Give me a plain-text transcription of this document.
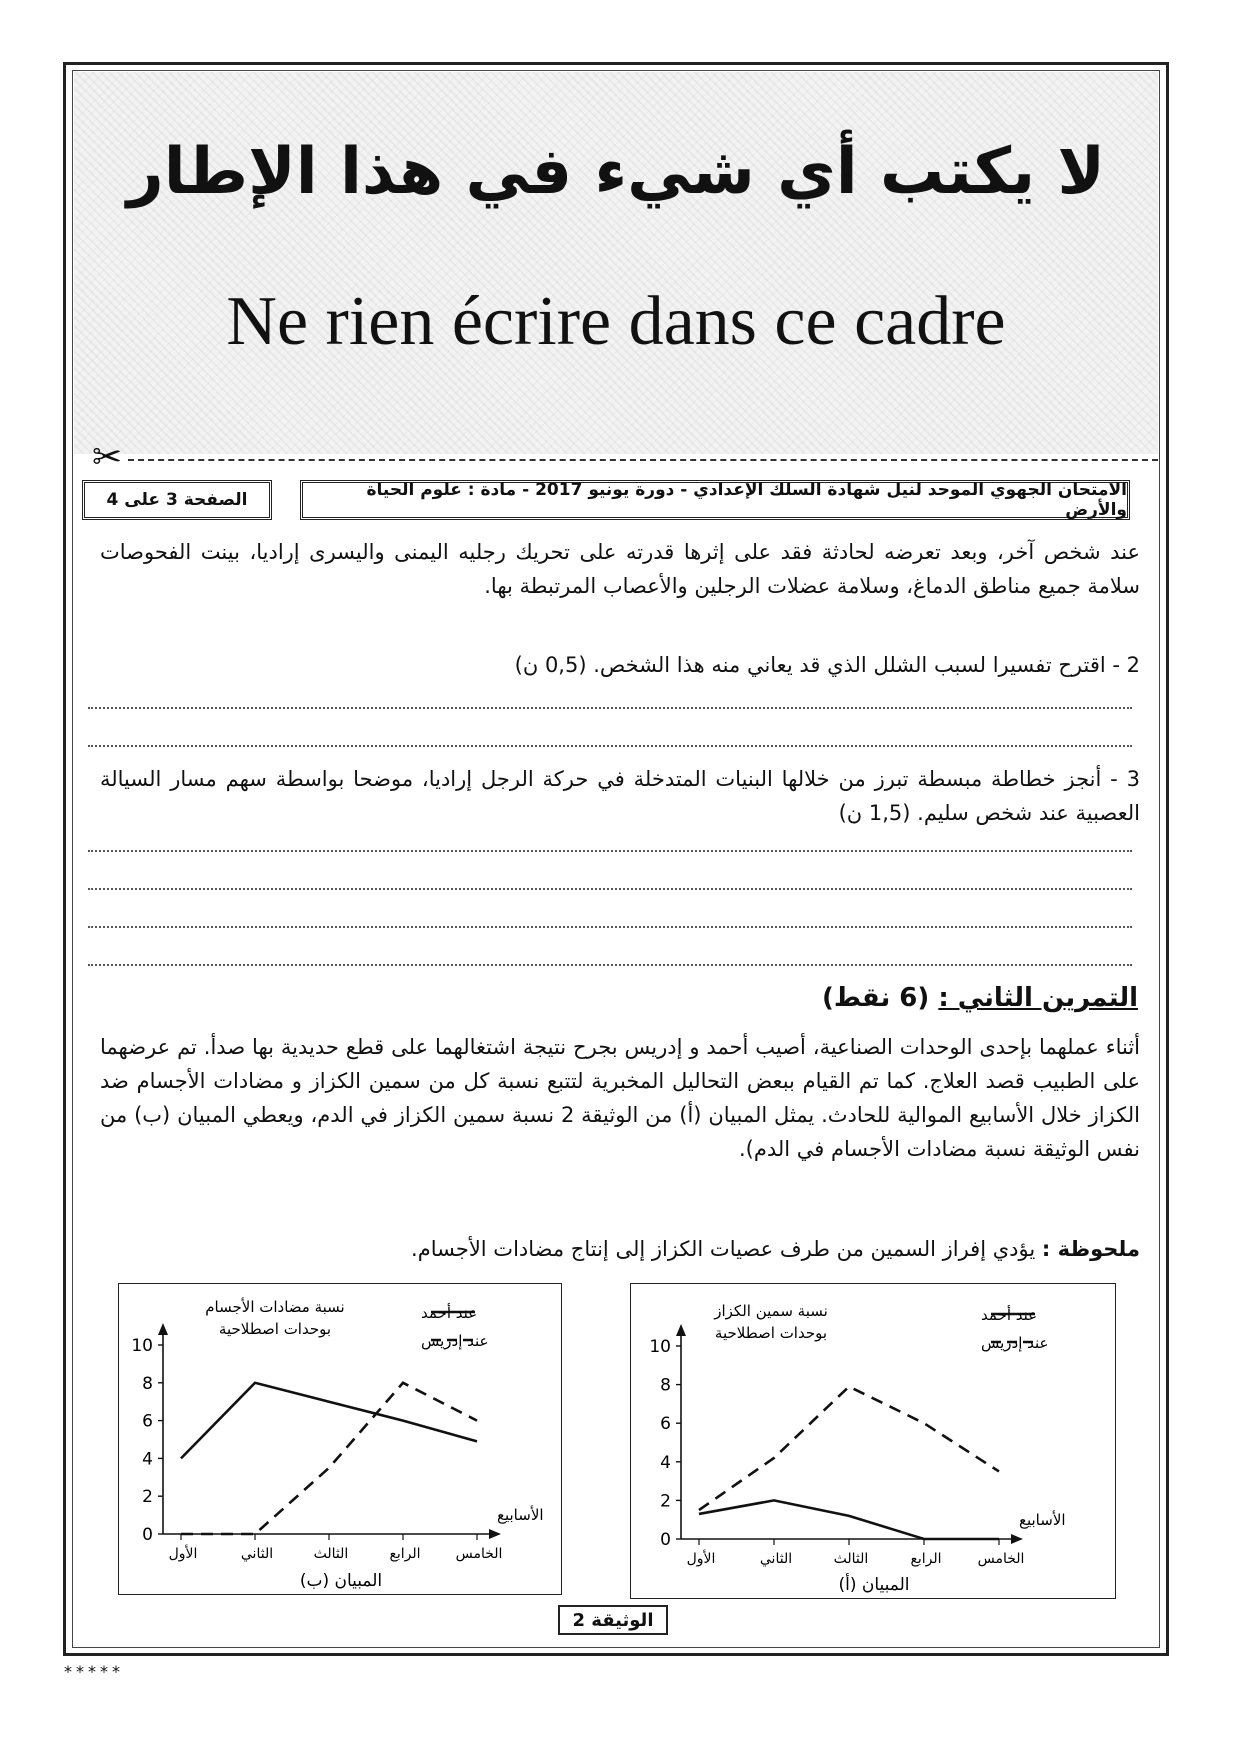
لا يكتب أي شيء في هذا الإطار
Ne rien écrire dans ce cadre
✂
الصفحة 3 على 4	الامتحان الجهوي الموحد لنيل شهادة السلك الإعدادي - دورة يونيو 2017 - مادة : علوم الحياة والأرض
عند شخص آخر، وبعد تعرضه لحادثة فقد على إثرها قدرته على تحريك رجليه اليمنى واليسرى إراديا، بينت الفحوصات سلامة جميع مناطق الدماغ، وسلامة عضلات الرجلين والأعصاب المرتبطة بها.
2 - اقترح تفسيرا لسبب الشلل الذي قد يعاني منه هذا الشخص. (0,5 ن)
3 - أنجز خطاطة مبسطة تبرز من خلالها البنيات المتدخلة في حركة الرجل إراديا، موضحا بواسطة سهم مسار السيالة العصبية عند شخص سليم. (1,5 ن)
التمرين الثاني : (6 نقط)
أثناء عملهما بإحدى الوحدات الصناعية، أصيب أحمد و إدريس بجرح نتيجة اشتغالهما على قطع حديدية بها صدأ. تم عرضهما على الطبيب قصد العلاج. كما تم القيام ببعض التحاليل المخبرية لتتبع نسبة كل من سمين الكزاز و مضادات الأجسام ضد الكزاز خلال الأسابيع الموالية للحادث. يمثل المبيان (أ) من الوثيقة 2 نسبة سمين الكزاز في الدم، ويعطي المبيان (ب) من نفس الوثيقة نسبة مضادات الأجسام في الدم).
ملحوظة : يؤدي إفراز السمين من طرف عصيات الكزاز إلى إنتاج مضادات الأجسام.
0
2
4
6
8
10
الأول	الثاني	الثالث	الرابع	الخامس
الأسابيع
نسبة مضادات الأجسام
بوحدات اصطلاحية
عند أحمد
عند إدريس
المبيان (ب)
0
2
4
6
8
10
الأول	الثاني	الثالث	الرابع	الخامس
الأسابيع
نسبة سمين الكزاز
بوحدات اصطلاحية
عند أحمد
عند إدريس
المبيان (أ)
الوثيقة 2
*****
